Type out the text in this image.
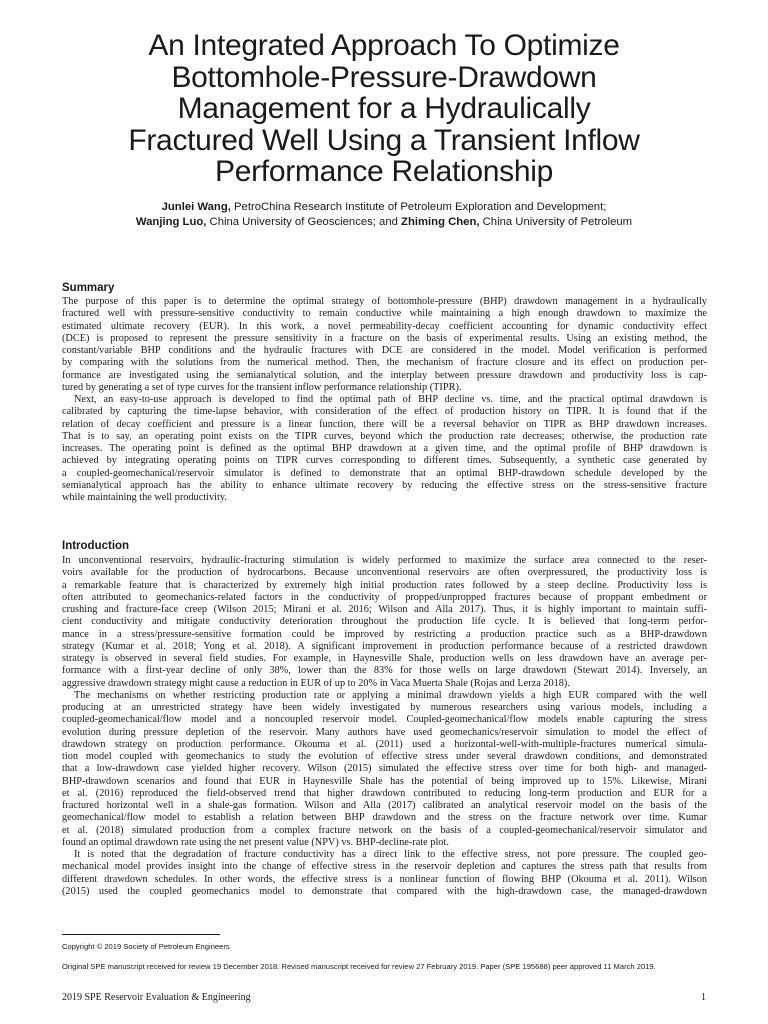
An Integrated Approach To Optimize
Bottomhole-Pressure-Drawdown
Management for a Hydraulically
Fractured Well Using a Transient Inflow
Performance Relationship
Junlei Wang, PetroChina Research Institute of Petroleum Exploration and Development;
Wanjing Luo, China University of Geosciences; and Zhiming Chen, China University of Petroleum
Summary
The purpose of this paper is to determine the optimal strategy of bottomhole-pressure (BHP) drawdown management in a hydraulically
fractured well with pressure-sensitive conductivity to remain conductive while maintaining a high enough drawdown to maximize the
estimated ultimate recovery (EUR). In this work, a novel permeability-decay coefficient accounting for dynamic conductivity effect
(DCE) is proposed to represent the pressure sensitivity in a fracture on the basis of experimental results. Using an existing method, the
constant/variable BHP conditions and the hydraulic fractures with DCE are considered in the model. Model verification is performed
by comparing with the solutions from the numerical method. Then, the mechanism of fracture closure and its effect on production per-
formance are investigated using the semianalytical solution, and the interplay between pressure drawdown and productivity loss is cap-
tured by generating a set of type curves for the transient inflow performance relationship (TIPR).
Next, an easy-to-use approach is developed to find the optimal path of BHP decline vs. time, and the practical optimal drawdown is
calibrated by capturing the time-lapse behavior, with consideration of the effect of production history on TIPR. It is found that if the
relation of decay coefficient and pressure is a linear function, there will be a reversal behavior on TIPR as BHP drawdown increases.
That is to say, an operating point exists on the TIPR curves, beyond which the production rate decreases; otherwise, the production rate
increases. The operating point is defined as the optimal BHP drawdown at a given time, and the optimal profile of BHP drawdown is
achieved by integrating operating points on TIPR curves corresponding to different times. Subsequently, a synthetic case generated by
a coupled-geomechanical/reservoir simulator is defined to demonstrate that an optimal BHP-drawdown schedule developed by the
semianalytical approach has the ability to enhance ultimate recovery by reducing the effective stress on the stress-sensitive fracture
while maintaining the well productivity.
Introduction
In unconventional reservoirs, hydraulic-fracturing stimulation is widely performed to maximize the surface area connected to the reser-
voirs available for the production of hydrocarbons. Because unconventional reservoirs are often overpressured, the productivity loss is
a remarkable feature that is characterized by extremely high initial production rates followed by a steep decline. Productivity loss is
often attributed to geomechanics-related factors in the conductivity of propped/unpropped fractures because of proppant embedment or
crushing and fracture-face creep (Wilson 2015; Mirani et al. 2016; Wilson and Alla 2017). Thus, it is highly important to maintain suffi-
cient conductivity and mitigate conductivity deterioration throughout the production life cycle. It is believed that long-term perfor-
mance in a stress/pressure-sensitive formation could be improved by restricting a production practice such as a BHP-drawdown
strategy (Kumar et al. 2018; Yong et al. 2018). A significant improvement in production performance because of a restricted drawdown
strategy is observed in several field studies. For example, in Haynesville Shale, production wells on less drawdown have an average per-
formance with a first-year decline of only 38%, lower than the 83% for those wells on large drawdown (Stewart 2014). Inversely, an
aggressive drawdown strategy might cause a reduction in EUR of up to 20% in Vaca Muerta Shale (Rojas and Lerza 2018).
The mechanisms on whether restricting production rate or applying a minimal drawdown yields a high EUR compared with the well
producing at an unrestricted strategy have been widely investigated by numerous researchers using various models, including a
coupled-geomechanical/flow model and a noncoupled reservoir model. Coupled-geomechanical/flow models enable capturing the stress
evolution during pressure depletion of the reservoir. Many authors have used geomechanics/reservoir simulation to model the effect of
drawdown strategy on production performance. Okouma et al. (2011) used a horizontal-well-with-multiple-fractures numerical simula-
tion model coupled with geomechanics to study the evolution of effective stress under several drawdown conditions, and demonstrated
that a low-drawdown case yielded higher recovery. Wilson (2015) simulated the effective stress over time for both high- and managed-
BHP-drawdown scenarios and found that EUR in Haynesville Shale has the potential of being improved up to 15%. Likewise, Mirani
et al. (2016) reproduced the field-observed trend that higher drawdown contributed to reducing long-term production and EUR for a
fractured horizontal well in a shale-gas formation. Wilson and Alla (2017) calibrated an analytical reservoir model on the basis of the
geomechanical/flow model to establish a relation between BHP drawdown and the stress on the fracture network over time. Kumar
et al. (2018) simulated production from a complex fracture network on the basis of a coupled-geomechanical/reservoir simulator and
found an optimal drawdown rate using the net present value (NPV) vs. BHP-decline-rate plot.
It is noted that the degradation of fracture conductivity has a direct link to the effective stress, not pore pressure. The coupled geo-
mechanical model provides insight into the change of effective stress in the reservoir depletion and captures the stress path that results from
different drawdown schedules. In other words, the effective stress is a nonlinear function of flowing BHP (Okouma et al. 2011). Wilson
(2015) used the coupled geomechanics model to demonstrate that compared with the high-drawdown case, the managed-drawdown
Copyright © 2019 Society of Petroleum Engineers
Original SPE manuscript received for review 19 December 2018. Revised manuscript received for review 27 February 2019. Paper (SPE 195688) peer approved 11 March 2019.
2019 SPE Reservoir Evaluation & Engineering	1
